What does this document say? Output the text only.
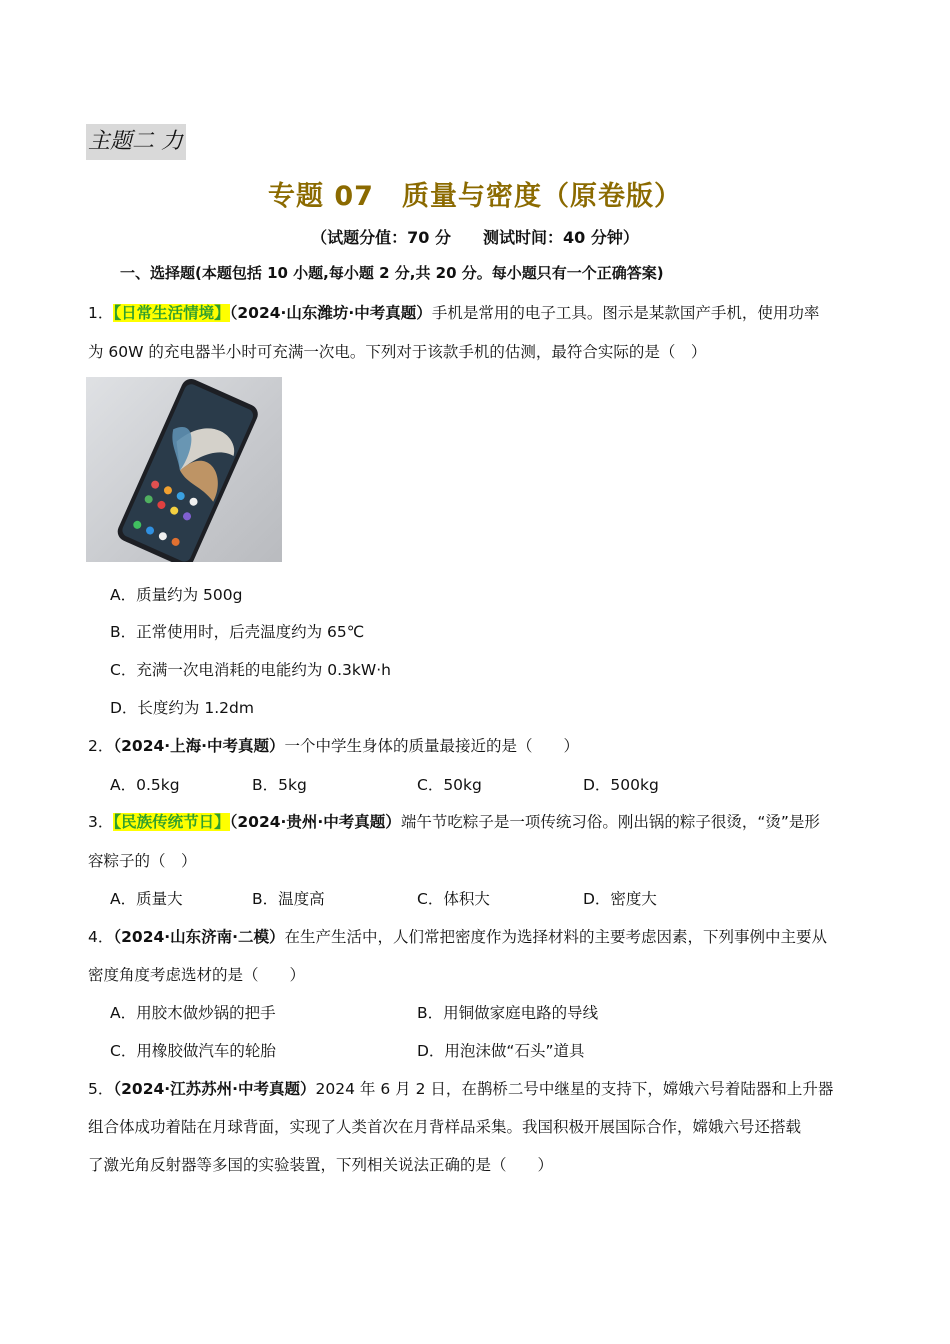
主题二 力
专题 07　质量与密度（原卷版）
（试题分值：70 分　　测试时间：40 分钟）
一、选择题(本题包括 10 小题,每小题 2 分,共 20 分。每小题只有一个正确答案)
1．【日常生活情境】（2024·山东潍坊·中考真题）手机是常用的电子工具。图示是某款国产手机，使用功率
为 60W 的充电器半小时可充满一次电。下列对于该款手机的估测，最符合实际的是（　）
A．质量约为 500g
B．正常使用时，后壳温度约为 65℃
C．充满一次电消耗的电能约为 0.3kW·h
D．长度约为 1.2dm
2．（2024·上海·中考真题）一个中学生身体的质量最接近的是（　　）
A．0.5kg	B．5kg	C．50kg	D．500kg
3．【民族传统节日】（2024·贵州·中考真题）端午节吃粽子是一项传统习俗。刚出锅的粽子很烫，“烫”是形
容粽子的（　）
A．质量大	B．温度高	C．体积大	D．密度大
4．（2024·山东济南·二模）在生产生活中，人们常把密度作为选择材料的主要考虑因素，下列事例中主要从
密度角度考虑选材的是（　　）
A．用胶木做炒锅的把手	B．用铜做家庭电路的导线
C．用橡胶做汽车的轮胎	D．用泡沫做“石头”道具
5．（2024·江苏苏州·中考真题）2024 年 6 月 2 日，在鹊桥二号中继星的支持下，嫦娥六号着陆器和上升器
组合体成功着陆在月球背面，实现了人类首次在月背样品采集。我国积极开展国际合作，嫦娥六号还搭载
了激光角反射器等多国的实验装置，下列相关说法正确的是（　　）
